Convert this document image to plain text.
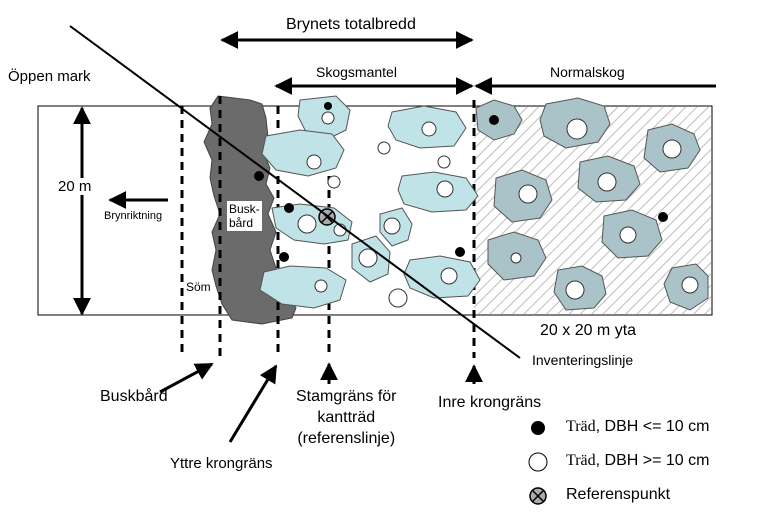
Brynets totalbredd
Skogsmantel	Normalskog
Öppen mark
20 m
Brynriktning	Busk-
bård
Söm
20 x 20 m yta
Inventeringslinje
Buskbård
Yttre krongräns
Stamgräns för
kantträd
(referenslinje)
Inre krongräns
Träd, DBH <= 10 cm
Träd, DBH >= 10 cm
Referenspunkt
